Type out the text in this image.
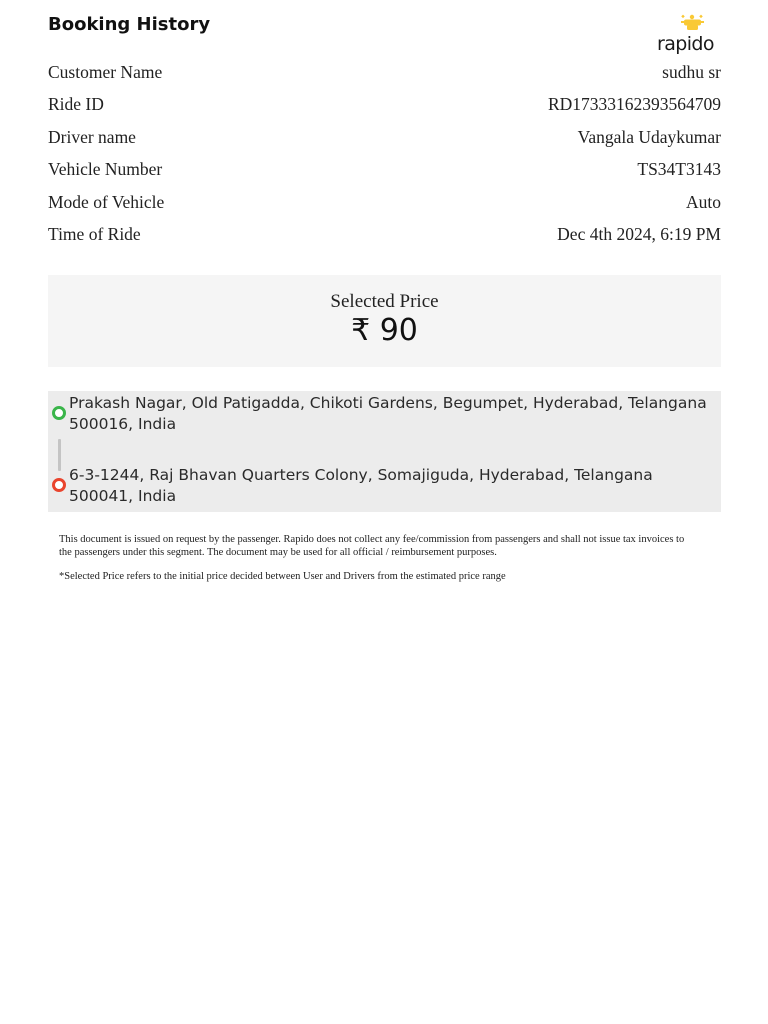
Booking History
rapido
Customer Name	sudhu sr
Ride ID	RD17333162393564709
Driver name	Vangala Udaykumar
Vehicle Number	TS34T3143
Mode of Vehicle	Auto
Time of Ride	Dec 4th 2024, 6:19 PM
Selected Price
₹ 90
Prakash Nagar, Old Patigadda, Chikoti Gardens, Begumpet, Hyderabad, Telangana 500016, India
6-3-1244, Raj Bhavan Quarters Colony, Somajiguda, Hyderabad, Telangana 500041, India

This document is issued on request by the passenger. Rapido does not collect any fee/commission from passengers and shall not issue tax invoices to the passengers under this segment. The document may be used for all official / reimbursement purposes.

*Selected Price refers to the initial price decided between User and Drivers from the estimated price range
